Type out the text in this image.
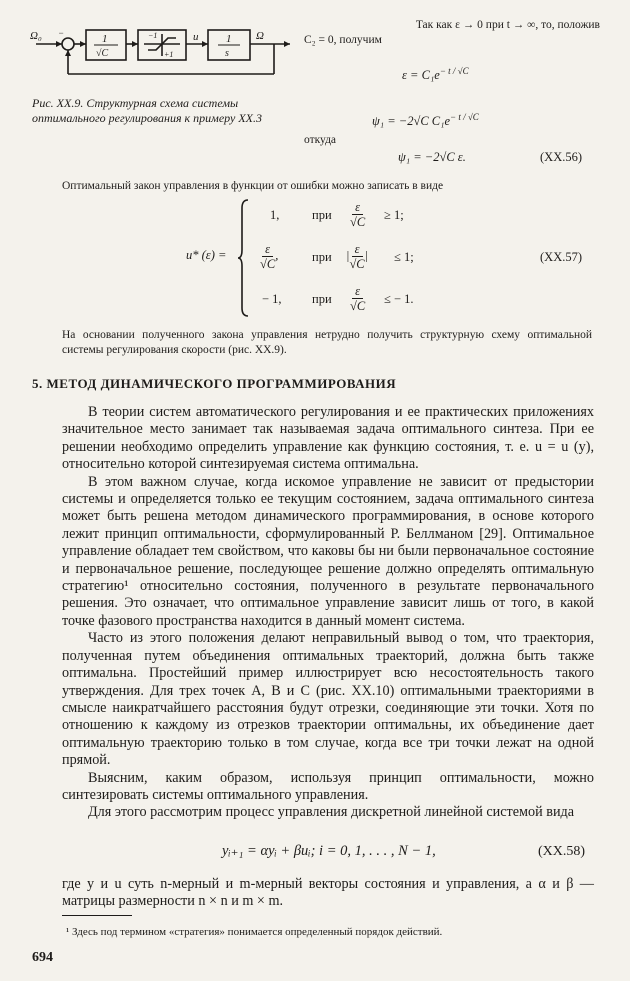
Ω₀ −	1
√C
−1
+1
u	1
s
Ω
Рис. XX.9. Структурная схема системы оптимального регулирования к примеру XX.3
Так как ε → 0 при t → ∞, то, положив
C₂ = 0, получим
$\varepsilon = C_1e^{- t / √C}$
ψ₁ = −2√C $C_1e^{- t / √C}$
откуда
ψ₁ = −2√C ε.	(XX.56)
Оптимальный закон управления в функции от ошибки можно записать в виде
u* (ε) =
1,	при $\frac{\varepsilon}{√C} \ge 1$;
$\frac{\varepsilon}{√C}$ ,	при | $\frac{\varepsilon}{√C}$ | ≤ 1;	(XX.57)
− 1, при $\frac{\varepsilon}{√C}$ ≤ − 1.
На основании полученного закона управления нетрудно получить структурную схему оптимальной системы регулирования скорости (рис. XX.9).
5. МЕТОД ДИНАМИЧЕСКОГО ПРОГРАММИРОВАНИЯ

В теории систем автоматического регулирования и ее практических приложениях значительное место занимает так называемая задача оптимального синтеза. При ее решении необходимо определить управление как функцию состояния, т. е. u = u (y), относительно которой синтезируемая система оптимальна.

В этом важном случае, когда искомое управление не зависит от предыстории системы и определяется только ее текущим состоянием, задача оптимального синтеза может быть решена методом динамического программирования, в основе которого лежит принцип оптимальности, сформулированный Р. Беллманом [29]. Оптимальное управление обладает тем свойством, что каковы бы ни были первоначальное состояние и первоначальное решение, последующее решение должно определять оптимальную стратегию¹ относительно состояния, полученного в результате первоначального решения. Это означает, что оптимальное управление зависит лишь от того, в какой точке фазового пространства находится в данный момент система.

Часто из этого положения делают неправильный вывод о том, что траектория, полученная путем объединения оптимальных траекторий, должна быть также оптимальна. Простейший пример иллюстрирует всю несостоятельность такого утверждения. Для трех точек A, B и C (рис. XX.10) оптимальными траекториями в смысле наикратчайшего расстояния будут отрезки, соединяющие эти точки. Хотя по отношению к каждому из отрезков траектории оптимальны, их объединение дает оптимальную траекторию только в том случае, когда все три точки лежат на одной прямой.

Выясним, каким образом, используя принцип оптимальности, можно синтезировать системы оптимального управления.

Для этого рассмотрим процесс управления дискретной линейной системой вида

yᵢ₊₁ = αyᵢ + βuᵢ; i = 0, 1, . . . , N − 1,	(XX.58)
где y и u суть n-мерный и m-мерный векторы состояния и управления, а α и β — матрицы размерности n × n и m × m.
¹ Здесь под термином «стратегия» понимается определенный порядок действий.
694
